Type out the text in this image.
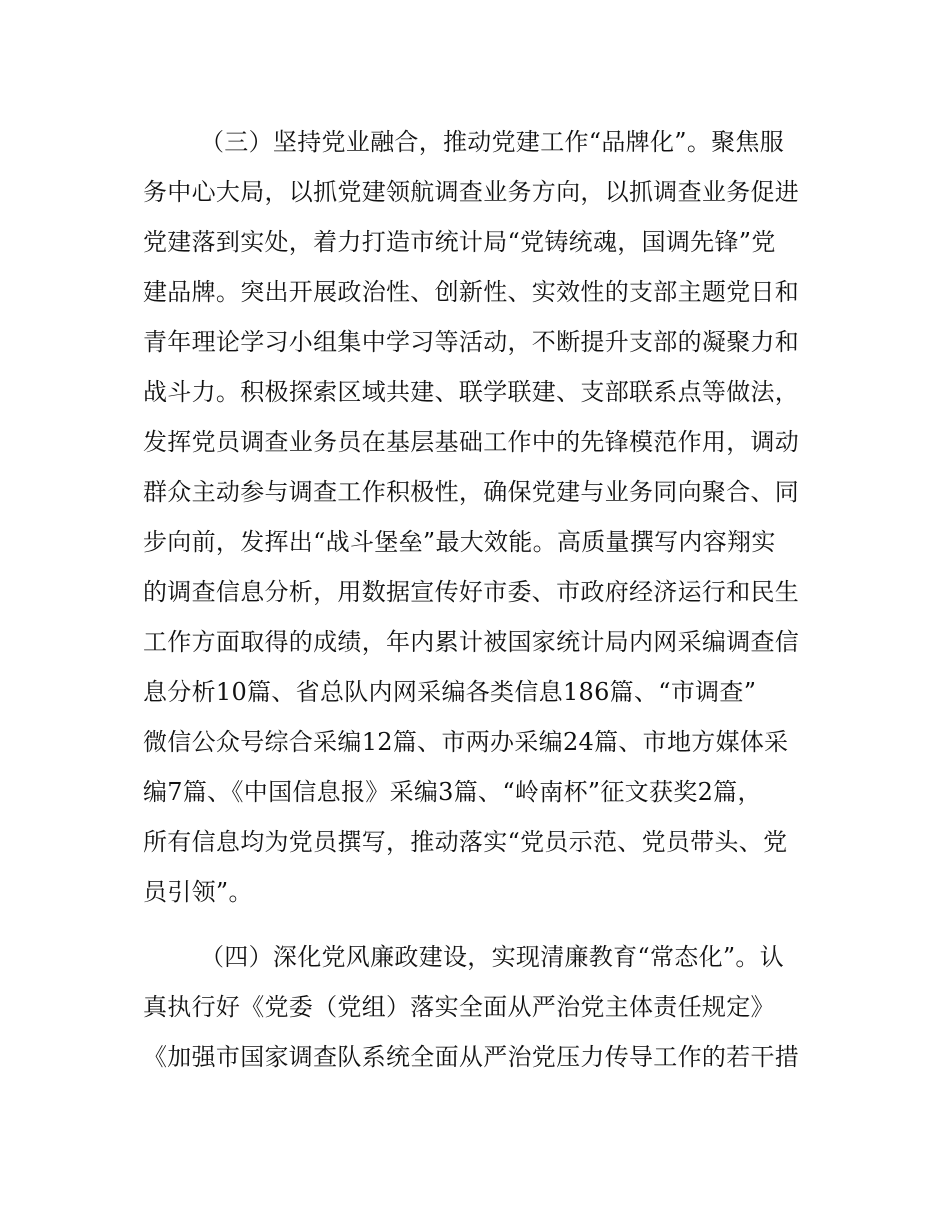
（三）坚持党业融合，推动党建工作“品牌化”。聚焦服
务中心大局，以抓党建领航调查业务方向，以抓调查业务促进
党建落到实处，着力打造市统计局“党铸统魂，国调先锋”党
建品牌。突出开展政治性、创新性、实效性的支部主题党日和
青年理论学习小组集中学习等活动，不断提升支部的凝聚力和
战斗力。积极探索区域共建、联学联建、支部联系点等做法，
发挥党员调查业务员在基层基础工作中的先锋模范作用，调动
群众主动参与调查工作积极性，确保党建与业务同向聚合、同
步向前，发挥出“战斗堡垒”最大效能。高质量撰写内容翔实
的调查信息分析，用数据宣传好市委、市政府经济运行和民生
工作方面取得的成绩，年内累计被国家统计局内网采编调查信
息分析10篇、省总队内网采编各类信息186篇、“市调查”
微信公众号综合采编12篇、市两办采编24篇、市地方媒体采
编7篇、《中国信息报》采编3篇、“岭南杯”征文获奖2篇，
所有信息均为党员撰写，推动落实“党员示范、党员带头、党
员引领”。
（四）深化党风廉政建设，实现清廉教育“常态化”。认
真执行好《党委（党组）落实全面从严治党主体责任规定》
《加强市国家调查队系统全面从严治党压力传导工作的若干措
